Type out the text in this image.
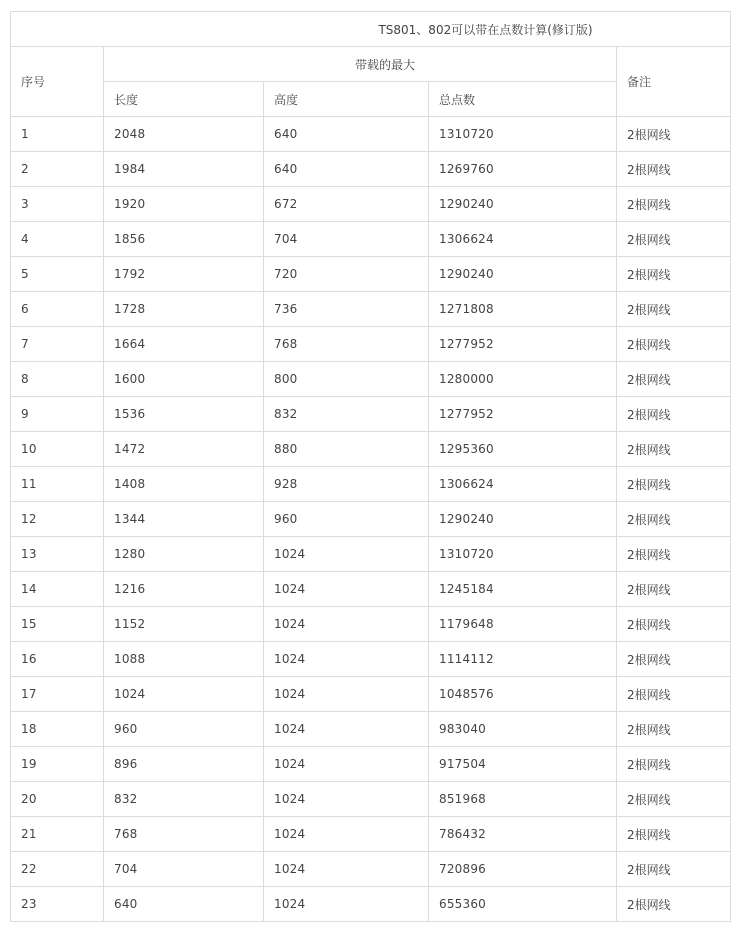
TS801、802可以带在点数计算(修订版)				
序号	带载的最大			备注
	长度	高度	总点数	
1	2048	640	1310720	2根网线
2	1984	640	1269760	2根网线
3	1920	672	1290240	2根网线
4	1856	704	1306624	2根网线
5	1792	720	1290240	2根网线
6	1728	736	1271808	2根网线
7	1664	768	1277952	2根网线
8	1600	800	1280000	2根网线
9	1536	832	1277952	2根网线
10	1472	880	1295360	2根网线
11	1408	928	1306624	2根网线
12	1344	960	1290240	2根网线
13	1280	1024	1310720	2根网线
14	1216	1024	1245184	2根网线
15	1152	1024	1179648	2根网线
16	1088	1024	1114112	2根网线
17	1024	1024	1048576	2根网线
18	960	1024	983040	2根网线
19	896	1024	917504	2根网线
20	832	1024	851968	2根网线
21	768	1024	786432	2根网线
22	704	1024	720896	2根网线
23	640	1024	655360	2根网线
